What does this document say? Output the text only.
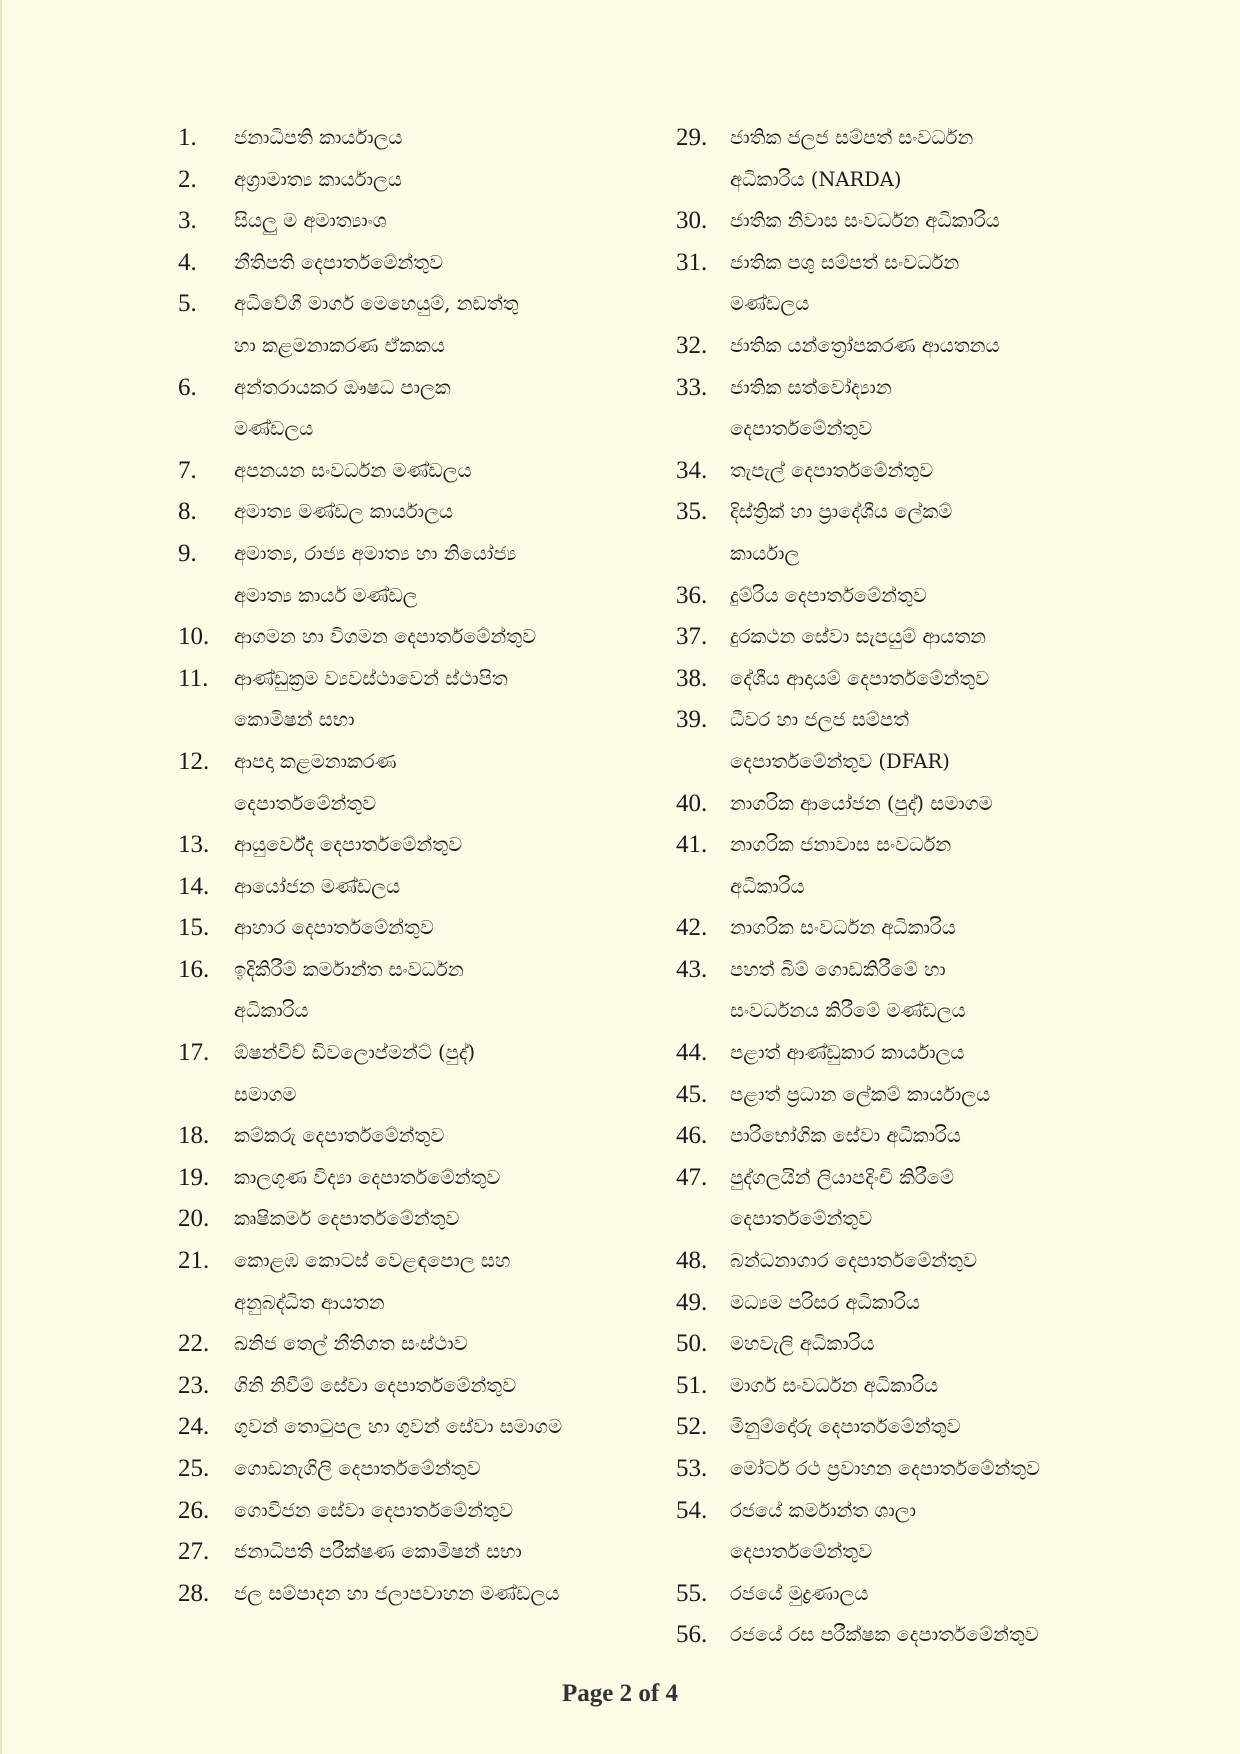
1.	ජනාධිපති කාර්යාලය
2.	අග්‍රාමාත්‍ය කාර්යාලය
3.	සියලු ම අමාත්‍යාංශ
4.	නීතිපති දෙපාර්තමේන්තුව
5.	අධිවේගී මාර්ග මෙහෙයුම්, නඩත්තු
හා කළමනාකරණ ඒකකය
6.	අන්තරායකර ඖෂධ පාලක
මණ්ඩලය
7.	අපනයන සංවර්ධන මණ්ඩලය
8.	අමාත්‍ය මණ්ඩල කාර්යාලය
9.	අමාත්‍ය, රාජ්‍ය අමාත්‍ය හා නියෝජ්‍ය
අමාත්‍ය කාර්ය මණ්ඩල
10.	ආගමන හා විගමන දෙපාර්තමේන්තුව
11.	ආණ්ඩුක්‍රම ව්‍යවස්ථාවෙන් ස්ථාපිත
කොමිෂන් සභා
12.	ආපදා කළමනාකරණ
දෙපාර්තමේන්තුව
13.	ආයුර්වේද දෙපාර්තමේන්තුව
14.	ආයෝජන මණ්ඩලය
15.	ආහාර දෙපාර්තමේන්තුව
16.	ඉදිකිරීම් කර්මාන්ත සංවර්ධන
අධිකාරිය
17.	ඕෂන්විව් ඩිවලොප්මන්ට් (පුද්)
සමාගම
18.	කම්කරු දෙපාර්තමේන්තුව
19.	කාලගුණ විද්‍යා දෙපාර්තමේන්තුව
20.	කෘෂිකර්ම දෙපාර්තමේන්තුව
21.	කොළඹ කොටස් වෙළඳපොල සහ
අනුබද්ධිත ආයතන
22.	ඛනිජ තෙල් නීතිගත සංස්ථාව
23.	ගිනි නිවීම් සේවා දෙපාර්තමේන්තුව
24.	ගුවන් තොටුපල හා ගුවන් සේවා සමාගම
25.	ගොඩනැගිලි දෙපාර්තමේන්තුව
26.	ගොවිජන සේවා දෙපාර්තමේන්තුව
27.	ජනාධිපති පරීක්ෂණ කොමිෂන් සභා
28.	ජල සම්පාදන හා ජලාපවාහන මණ්ඩලය
29.	ජාතික ජලජ සම්පත් සංවර්ධන
අධිකාරිය (NARDA)
30.	ජාතික නිවාස සංවර්ධන අධිකාරිය
31.	ජාතික පශු සම්පත් සංවර්ධන
මණ්ඩලය
32.	ජාතික යන්ත්‍රෝපකරණ ආයතනය
33.	ජාතික සත්වෝද්‍යාන
දෙපාර්තමේන්තුව
34.	තැපැල් දෙපාර්තමේන්තුව
35.	දිස්ත්‍රික් හා ප්‍රාදේශීය ලේකම්
කාර්යාල
36.	දුම්රිය දෙපාර්තමේන්තුව
37.	දුරකථන සේවා සැපයුම් ආයතන
38.	දේශීය ආදායම් දෙපාර්තමේන්තුව
39.	ධීවර හා ජලජ සම්පත්
දෙපාර්තමේන්තුව (DFAR)
40.	නාගරික ආයෝජන (පුද්) සමාගම
41.	නාගරික ජනාවාස සංවර්ධන
අධිකාරිය
42.	නාගරික සංවර්ධන අධිකාරිය
43.	පහත් බිම් ගොඩකිරීමේ හා
සංවර්ධනය කිරීමේ මණ්ඩලය
44.	පළාත් ආණ්ඩුකාර කාර්යාලය
45.	පළාත් ප්‍රධාන ලේකම් කාර්යාලය
46.	පාරිභෝගික සේවා අධිකාරිය
47.	පුද්ගලයින් ලියාපදිංචි කිරීමේ
දෙපාර්තමේන්තුව
48.	බන්ධනාගාර දෙපාර්තමේන්තුව
49.	මධ්‍යම පරිසර අධිකාරිය
50.	මහවැලි අධිකාරිය
51.	මාර්ග සංවර්ධන අධිකාරිය
52.	මිනුම්දෝරු දෙපාර්තමේන්තුව
53.	මෝටර් රථ ප්‍රවාහන දෙපාර්තමේන්තුව
54.	රජයේ කර්මාන්ත ශාලා
දෙපාර්තමේන්තුව
55.	රජයේ මුද්‍රණාලය
56.	රජයේ රස පරීක්ෂක දෙපාර්තමේන්තුව
Page 2 of 4
